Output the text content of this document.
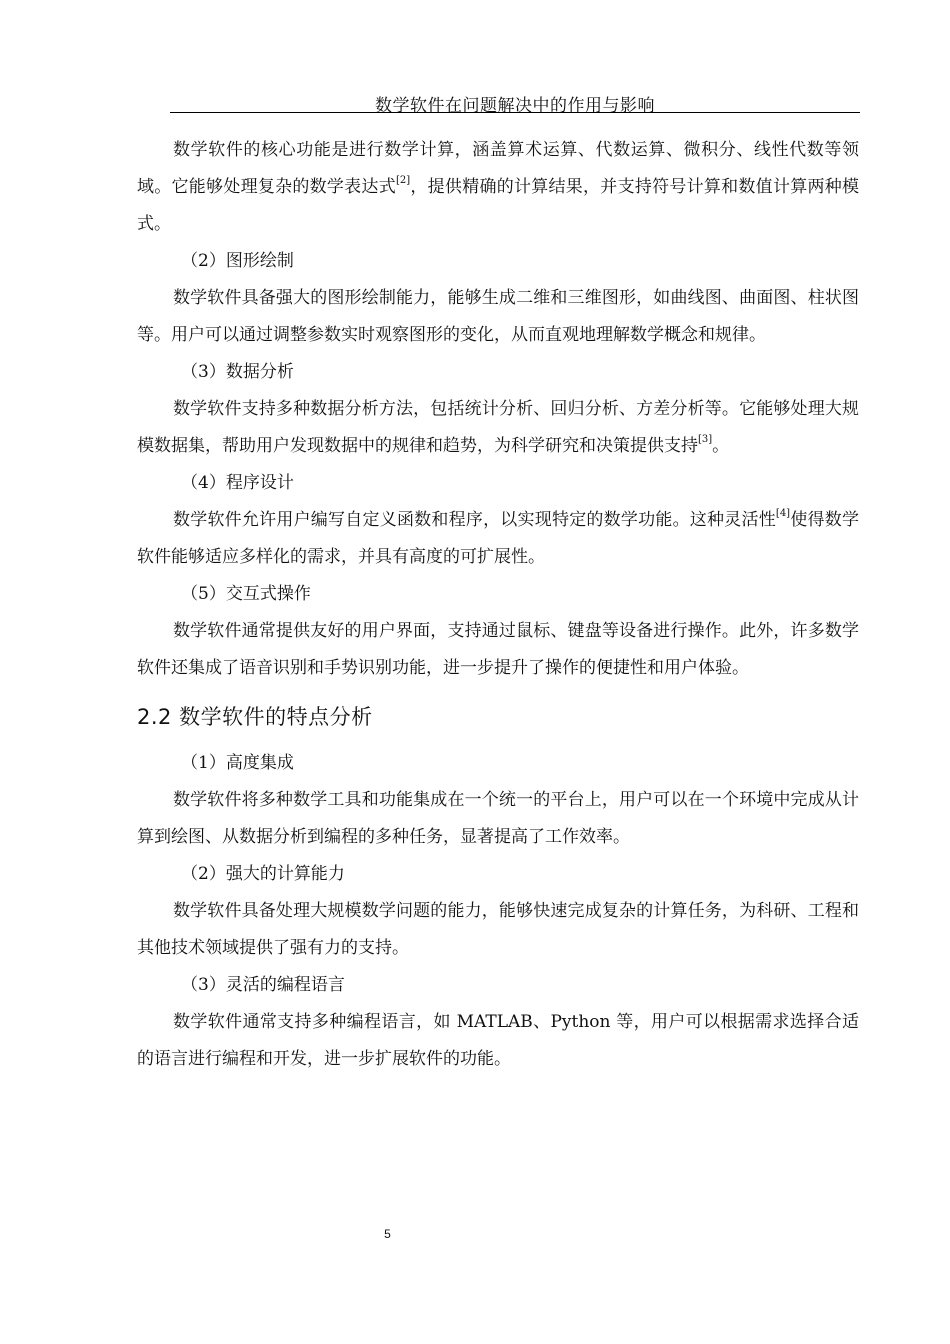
数学软件在问题解决中的作用与影响

数学软件的核心功能是进行数学计算，涵盖算术运算、代数运算、微积分、线性代数等领域。它能够处理复杂的数学表达式[2]，提供精确的计算结果，并支持符号计算和数值计算两种模式。

（2）图形绘制

数学软件具备强大的图形绘制能力，能够生成二维和三维图形，如曲线图、曲面图、柱状图等。用户可以通过调整参数实时观察图形的变化，从而直观地理解数学概念和规律。

（3）数据分析

数学软件支持多种数据分析方法，包括统计分析、回归分析、方差分析等。它能够处理大规模数据集，帮助用户发现数据中的规律和趋势，为科学研究和决策提供支持[3]。

（4）程序设计

数学软件允许用户编写自定义函数和程序，以实现特定的数学功能。这种灵活性[4]使得数学软件能够适应多样化的需求，并具有高度的可扩展性。

（5）交互式操作

数学软件通常提供友好的用户界面，支持通过鼠标、键盘等设备进行操作。此外，许多数学软件还集成了语音识别和手势识别功能，进一步提升了操作的便捷性和用户体验。

2.2 数学软件的特点分析

（1）高度集成

数学软件将多种数学工具和功能集成在一个统一的平台上，用户可以在一个环境中完成从计算到绘图、从数据分析到编程的多种任务，显著提高了工作效率。

（2）强大的计算能力

数学软件具备处理大规模数学问题的能力，能够快速完成复杂的计算任务，为科研、工程和其他技术领域提供了强有力的支持。

（3）灵活的编程语言

数学软件通常支持多种编程语言，如 MATLAB、Python 等，用户可以根据需求选择合适的语言进行编程和开发，进一步扩展软件的功能。

5
